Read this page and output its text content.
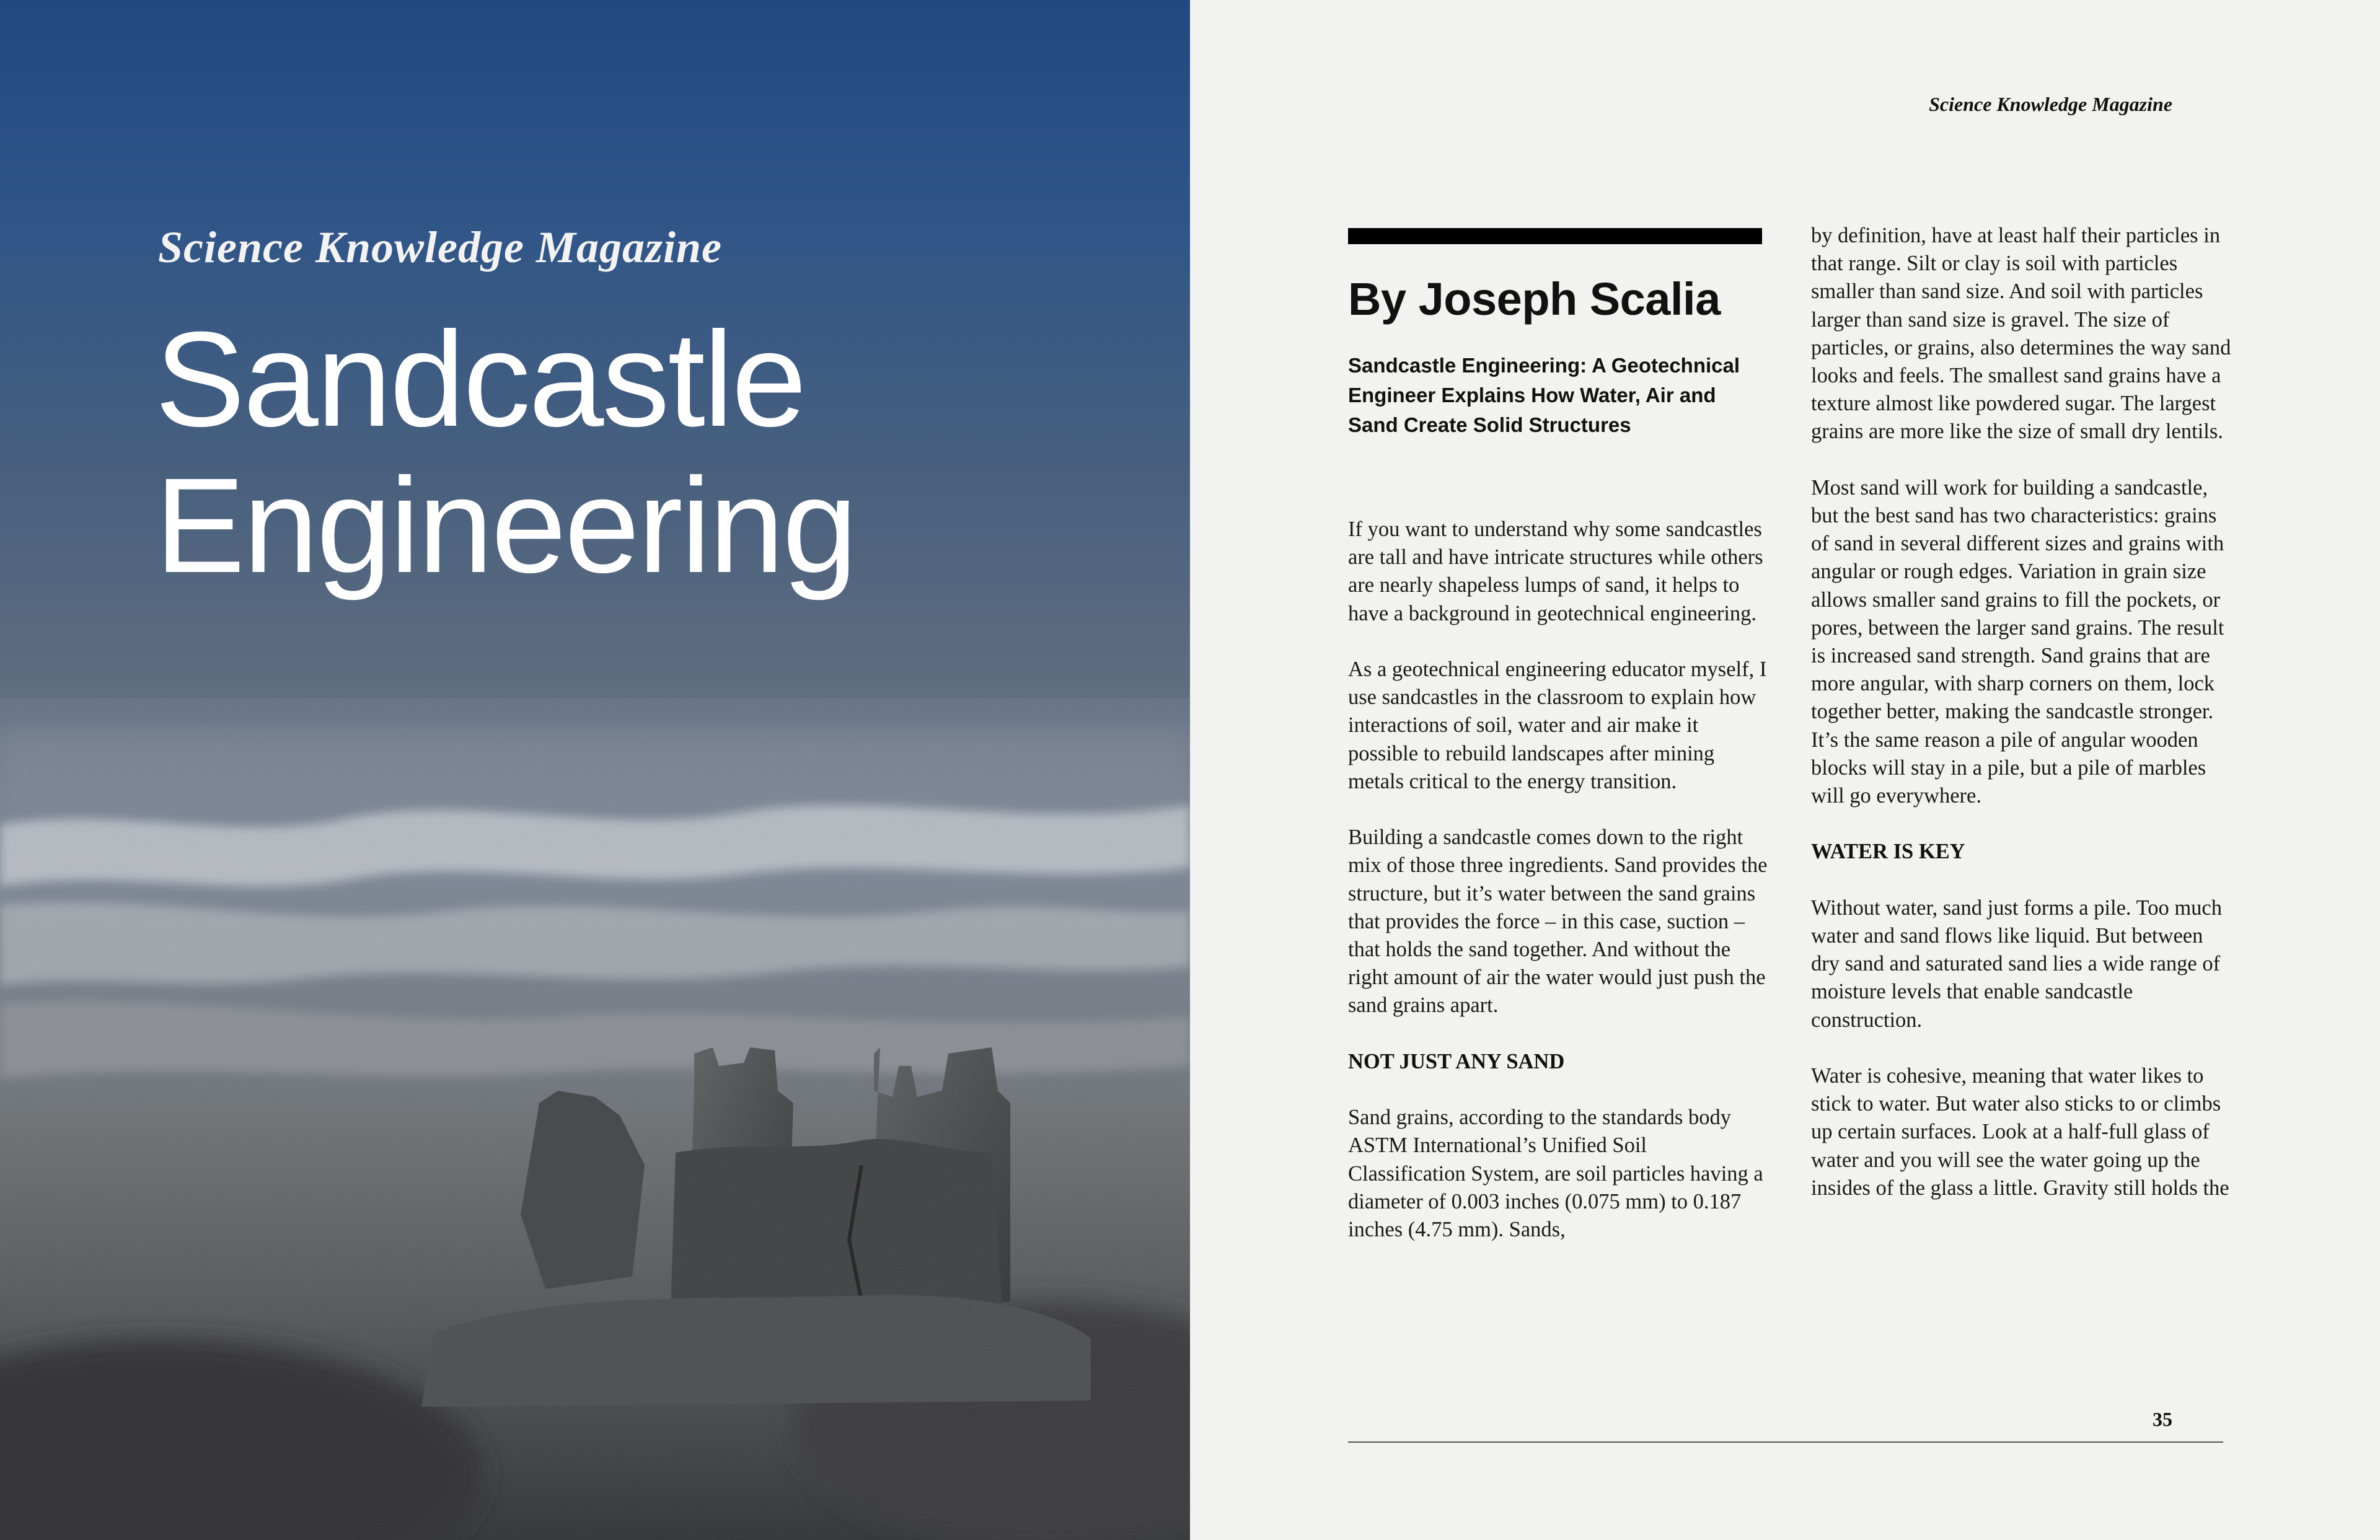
Science Knowledge Magazine

Sandcastle
Engineering

Science Knowledge Magazine

By Joseph Scalia

Sandcastle Engineering: A Geotechnical Engineer Explains How Water, Air and Sand Create Solid Structures

If you want to understand why some sandcastles are tall and have intricate structures while others are nearly shapeless lumps of sand, it helps to have a background in geotechnical engineering.

As a geotechnical engineering educator myself, I use sandcastles in the classroom to explain how interactions of soil, water and air make it possible to rebuild landscapes after mining metals critical to the energy transition.

Building a sandcastle comes down to the right mix of those three ingredients. Sand provides the structure, but it’s water between the sand grains that provides the force – in this case, suction – that holds the sand together. And without the right amount of air the water would just push the sand grains apart.

NOT JUST ANY SAND

Sand grains, according to the standards body ASTM International’s Unified Soil Classification System, are soil particles having a diameter of 0.003 inches (0.075 mm) to 0.187 inches (4.75 mm). Sands,

by definition, have at least half their particles in that range. Silt or clay is soil with particles smaller than sand size. And soil with particles larger than sand size is gravel. The size of particles, or grains, also determines the way sand looks and feels. The smallest sand grains have a texture almost like powdered sugar. The largest grains are more like the size of small dry lentils.

Most sand will work for building a sandcastle, but the best sand has two characteristics: grains of sand in several different sizes and grains with angular or rough edges. Variation in grain size allows smaller sand grains to fill the pockets, or pores, between the larger sand grains. The result is increased sand strength. Sand grains that are more angular, with sharp corners on them, lock together better, making the sandcastle stronger. It’s the same reason a pile of angular wooden blocks will stay in a pile, but a pile of marbles will go everywhere.

WATER IS KEY

Without water, sand just forms a pile. Too much water and sand flows like liquid. But between dry sand and saturated sand lies a wide range of moisture levels that enable sandcastle construction.

Water is cohesive, meaning that water likes to stick to water. But water also sticks to or climbs up certain surfaces. Look at a half-full glass of water and you will see the water going up the insides of the glass a little. Gravity still holds the

35
